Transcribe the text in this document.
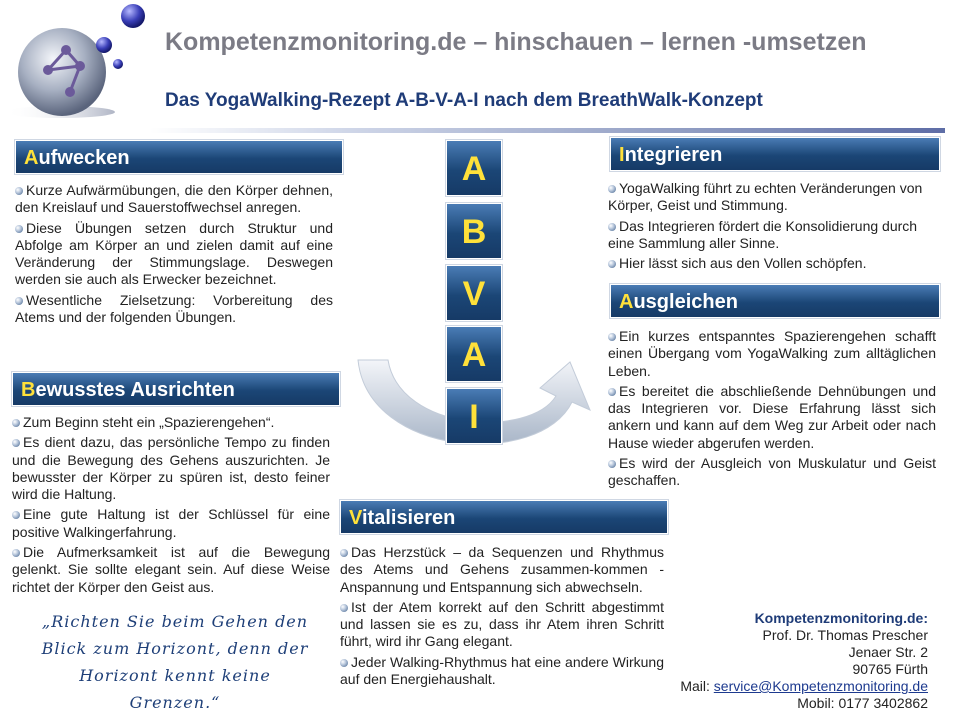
Kompetenzmonitoring.de – hinschauen – lernen -umsetzen
Das YogaWalking-Rezept A-B-V-A-I nach dem BreathWalk-Konzept
A
B
V
A
I
Aufwecken

Kurze Aufwärmübungen, die den Körper dehnen, den Kreislauf und Sauerstoffwechsel anregen.

Diese Übungen setzen durch Struktur und Abfolge am Körper an und zielen damit auf eine Veränderung der Stimmungslage. Deswegen werden sie auch als Erwecker bezeichnet.

Wesentliche Zielsetzung: Vorbereitung des Atems und der folgenden Übungen.

Bewusstes Ausrichten

Zum Beginn steht ein „Spazierengehen“.

Es dient dazu, das persönliche Tempo zu finden und die Bewegung des Gehens auszurichten. Je bewusster der Körper zu spüren ist, desto feiner wird die Haltung.

Eine gute Haltung ist der Schlüssel für eine positive Walkingerfahrung.

Die Aufmerksamkeit ist auf die Bewegung gelenkt. Sie sollte elegant sein. Auf diese Weise richtet der Körper den Geist aus.

Vitalisieren

Das Herzstück – da Sequenzen und Rhythmus des Atems und Gehens zusammen-kommen - Anspannung und Entspannung sich abwechseln.

Ist der Atem korrekt auf den Schritt abgestimmt und lassen sie es zu, dass ihr Atem ihren Schritt führt, wird ihr Gang elegant.

Jeder Walking-Rhythmus hat eine andere Wirkung auf den Energiehaushalt.

Integrieren

YogaWalking führt zu echten Veränderungen von Körper, Geist und Stimmung.

Das Integrieren fördert die Konsolidierung durch eine Sammlung aller Sinne.

Hier lässt sich aus den Vollen schöpfen.

Ausgleichen

Ein kurzes entspanntes Spazierengehen schafft einen Übergang vom YogaWalking zum alltäglichen Leben.

Es bereitet die abschließende Dehnübungen und das Integrieren vor. Diese Erfahrung lässt sich ankern und kann auf dem Weg zur Arbeit oder nach Hause wieder abgerufen werden.

Es wird der Ausgleich von Muskulatur und Geist geschaffen.

„Richten Sie beim Gehen den
Blick zum Horizont, denn der
Horizont kennt keine
Grenzen.“
Kompetenzmonitoring.de:
Prof. Dr. Thomas Prescher
Jenaer Str. 2
90765 Fürth
Mail: service@Kompetenzmonitoring.de
Mobil: 0177 3402862
